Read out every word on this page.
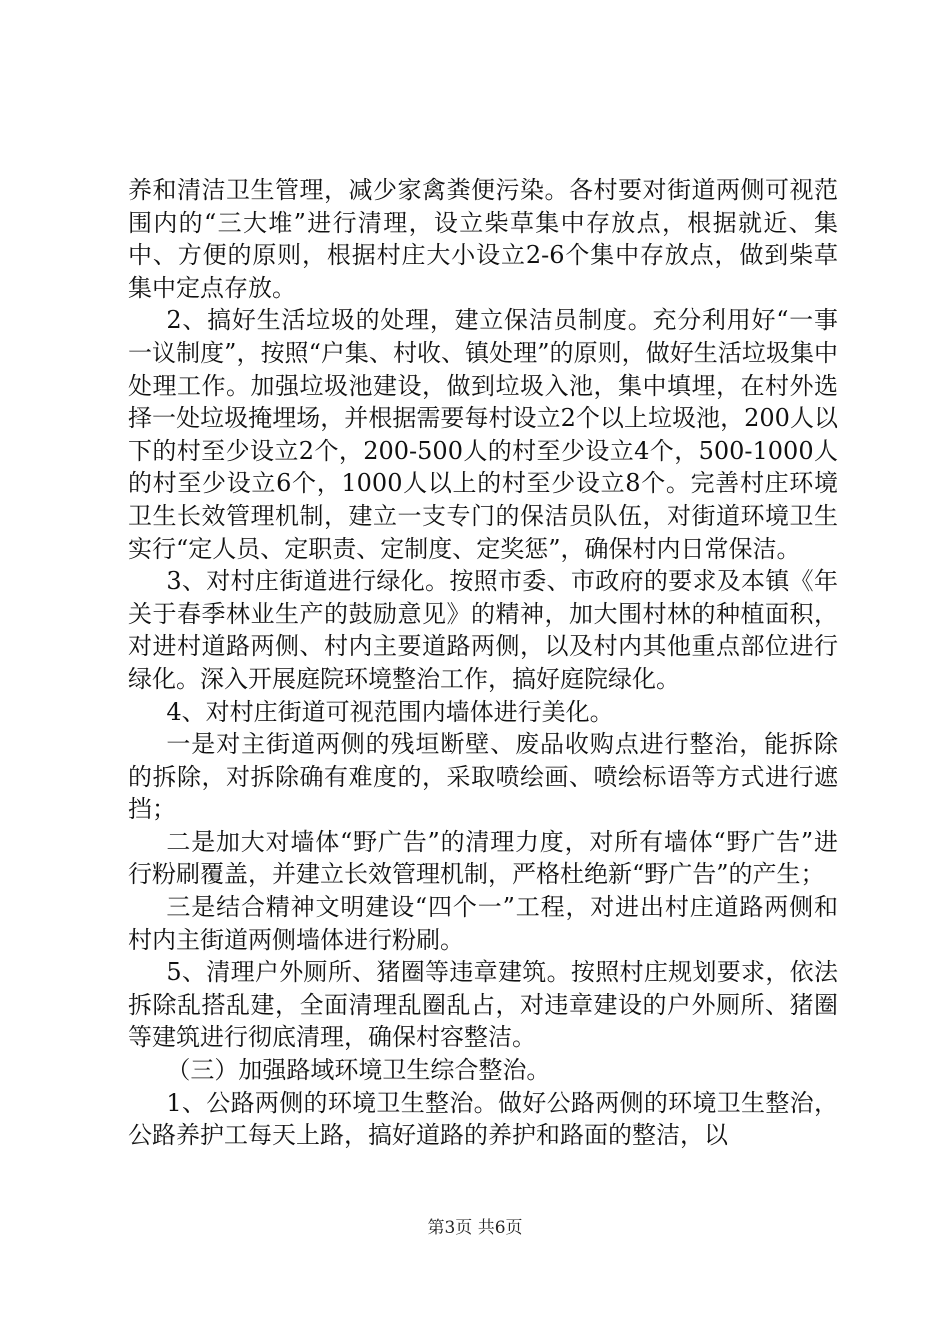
养和清洁卫生管理，减少家禽粪便污染。各村要对街道两侧可视范围内的“三大堆”进行清理，设立柴草集中存放点，根据就近、集中、方便的原则，根据村庄大小设立2-6个集中存放点，做到柴草集中定点存放。

2、搞好生活垃圾的处理，建立保洁员制度。充分利用好“一事一议制度”，按照“户集、村收、镇处理”的原则，做好生活垃圾集中处理工作。加强垃圾池建设，做到垃圾入池，集中填埋，在村外选择一处垃圾掩埋场，并根据需要每村设立2个以上垃圾池，200人以下的村至少设立2个，200-500人的村至少设立4个，500-1000人的村至少设立6个，1000人以上的村至少设立8个。完善村庄环境卫生长效管理机制，建立一支专门的保洁员队伍，对街道环境卫生实行“定人员、定职责、定制度、定奖惩”，确保村内日常保洁。

3、对村庄街道进行绿化。按照市委、市政府的要求及本镇《年关于春季林业生产的鼓励意见》的精神，加大围村林的种植面积，对进村道路两侧、村内主要道路两侧，以及村内其他重点部位进行绿化。深入开展庭院环境整治工作，搞好庭院绿化。

4、对村庄街道可视范围内墙体进行美化。

一是对主街道两侧的残垣断壁、废品收购点进行整治，能拆除的拆除，对拆除确有难度的，采取喷绘画、喷绘标语等方式进行遮挡；

二是加大对墙体“野广告”的清理力度，对所有墙体“野广告”进行粉刷覆盖，并建立长效管理机制，严格杜绝新“野广告”的产生；

三是结合精神文明建设“四个一”工程，对进出村庄道路两侧和村内主街道两侧墙体进行粉刷。

5、清理户外厕所、猪圈等违章建筑。按照村庄规划要求，依法拆除乱搭乱建，全面清理乱圈乱占，对违章建设的户外厕所、猪圈等建筑进行彻底清理，确保村容整洁。

（三）加强路域环境卫生综合整治。

1、公路两侧的环境卫生整治。做好公路两侧的环境卫生整治，公路养护工每天上路，搞好道路的养护和路面的整洁，以

第3页 共6页
